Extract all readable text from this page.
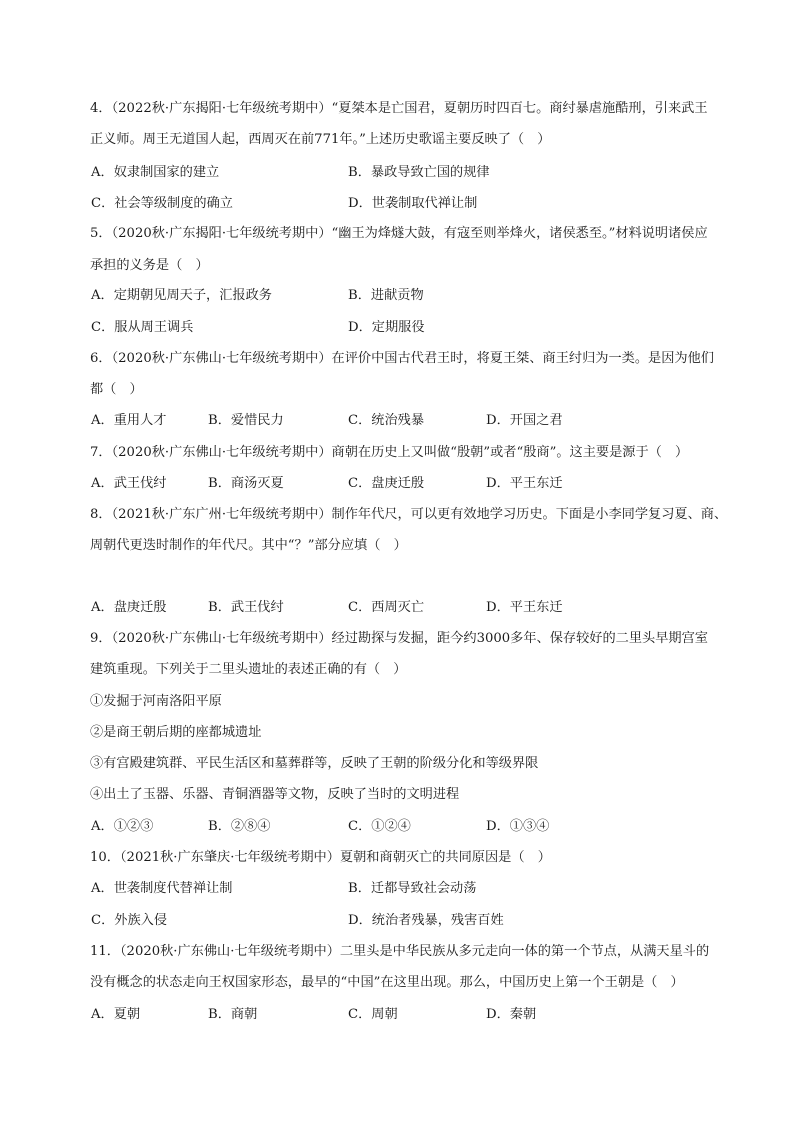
4．（2022秋·广东揭阳·七年级统考期中）“夏桀本是亡国君，夏朝历时四百七。商纣暴虐施酷刑，引来武王
正义师。周王无道国人起，西周灭在前771年。”上述历史歌谣主要反映了（　）
A．奴隶制国家的建立	B．暴政导致亡国的规律
C．社会等级制度的确立	D．世袭制取代禅让制
5．（2020秋·广东揭阳·七年级统考期中）“幽王为烽燧大鼓，有寇至则举烽火，诸侯悉至。”材料说明诸侯应
承担的义务是（　）
A．定期朝见周天子，汇报政务	B．进献贡物
C．服从周王调兵	D．定期服役
6．（2020秋·广东佛山·七年级统考期中）在评价中国古代君王时，将夏王桀、商王纣归为一类。是因为他们
都（　）
A．重用人才	B．爱惜民力	C．统治残暴	D．开国之君
7．（2020秋·广东佛山·七年级统考期中）商朝在历史上又叫做“殷朝”或者“殷商”。这主要是源于（　）
A．武王伐纣	B．商汤灭夏	C．盘庚迁殷	D．平王东迁
8．（2021秋·广东广州·七年级统考期中）制作年代尺，可以更有效地学习历史。下面是小李同学复习夏、商、
周朝代更迭时制作的年代尺。其中“？”部分应填（　）
A．盘庚迁殷	B．武王伐纣	C．西周灭亡	D．平王东迁
9．（2020秋·广东佛山·七年级统考期中）经过勘探与发掘，距今约3000多年、保存较好的二里头早期宫室
建筑重现。下列关于二里头遗址的表述正确的有（　）
①发掘于河南洛阳平原
②是商王朝后期的座都城遗址
③有宫殿建筑群、平民生活区和墓葬群等，反映了王朝的阶级分化和等级界限
④出土了玉器、乐器、青铜酒器等文物，反映了当时的文明进程
A．①②③	B．②⑧④	C．①②④	D．①③④
10．（2021秋·广东肇庆·七年级统考期中）夏朝和商朝灭亡的共同原因是（　）
A．世袭制度代替禅让制	B．迁都导致社会动荡
C．外族入侵	D．统治者残暴，残害百姓
11．（2020秋·广东佛山·七年级统考期中）二里头是中华民族从多元走向一体的第一个节点，从满天星斗的
没有概念的状态走向王权国家形态，最早的“中国”在这里出现。那么，中国历史上第一个王朝是（　）
A．夏朝	B．商朝	C．周朝	D．秦朝
